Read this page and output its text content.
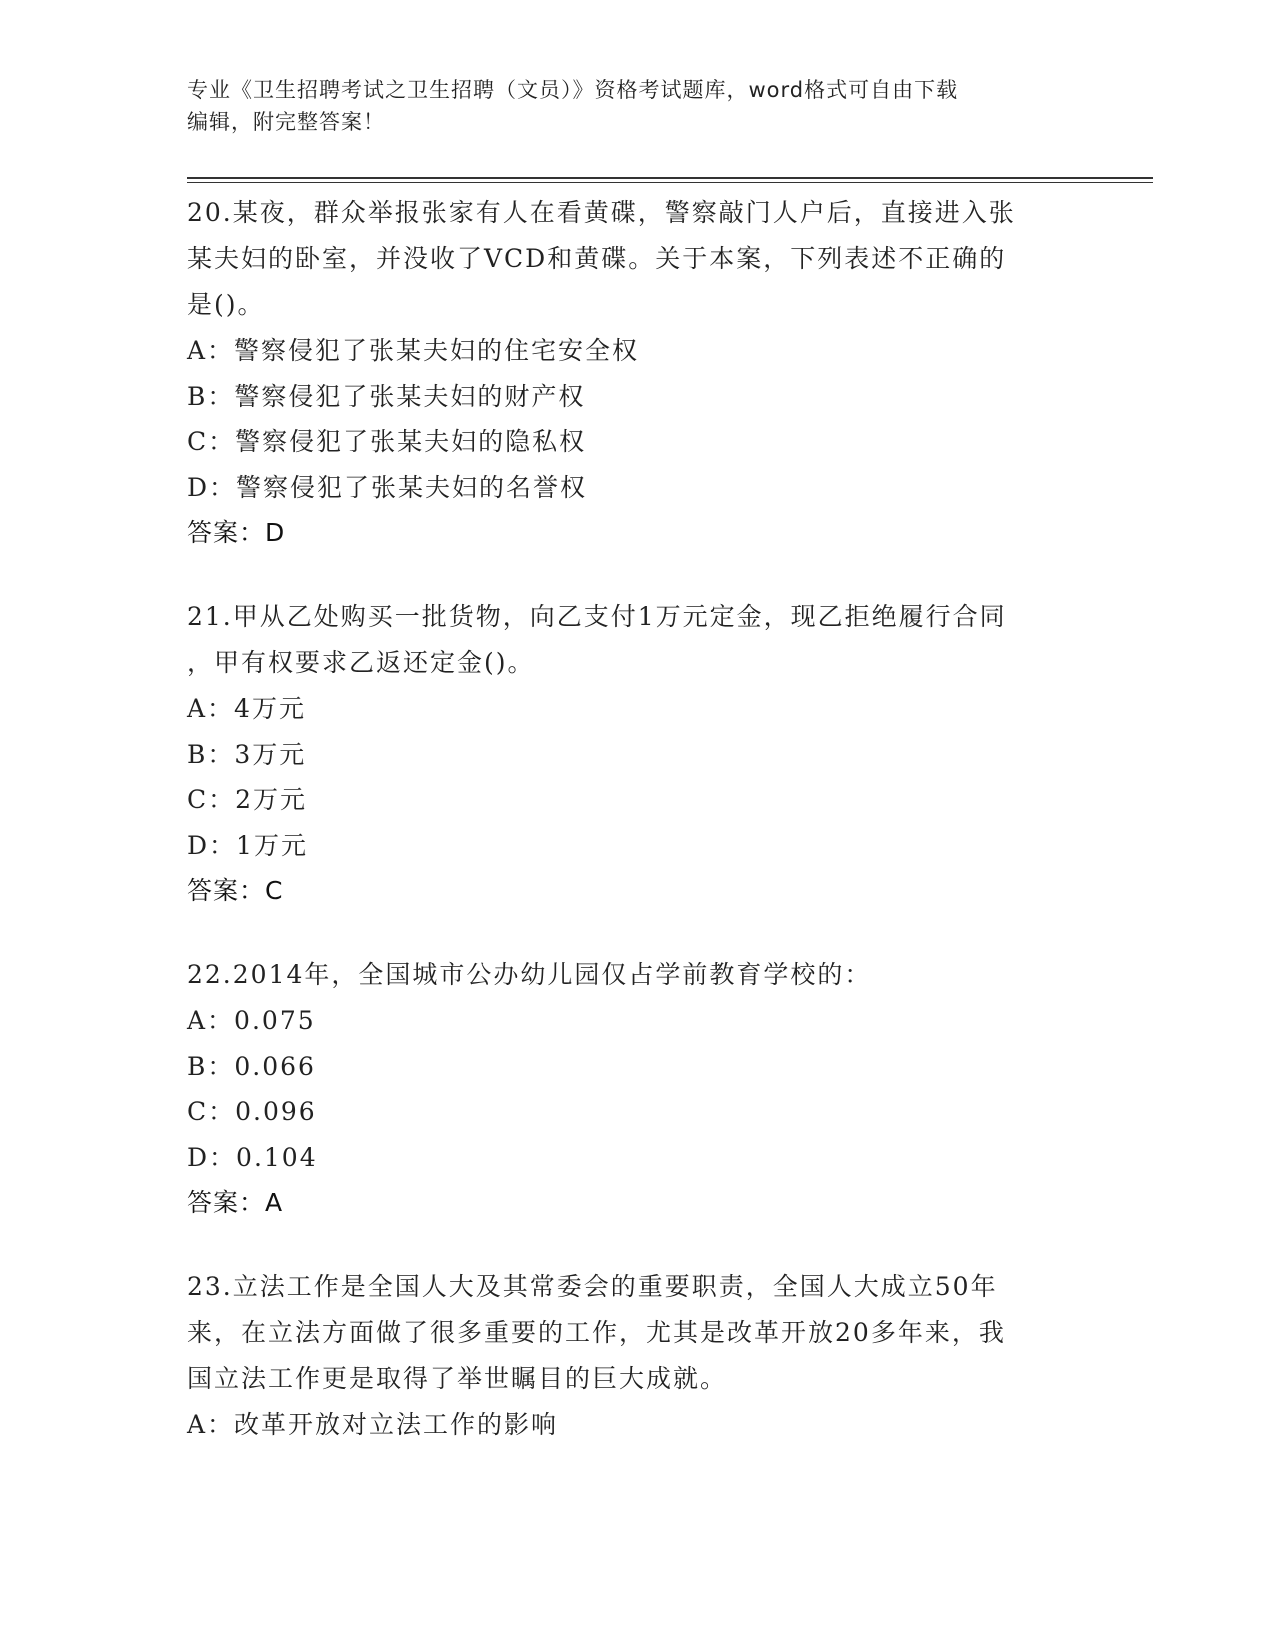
专业《卫生招聘考试之卫生招聘（文员）》资格考试题库，word格式可自由下载
编辑，附完整答案！
20.某夜，群众举报张家有人在看黄碟，警察敲门人户后，直接进入张
某夫妇的卧室，并没收了VCD和黄碟。关于本案，下列表述不正确的
是()。
A：警察侵犯了张某夫妇的住宅安全权
B：警察侵犯了张某夫妇的财产权
C：警察侵犯了张某夫妇的隐私权
D：警察侵犯了张某夫妇的名誉权
答案：D
21.甲从乙处购买一批货物，向乙支付1万元定金，现乙拒绝履行合同
，甲有权要求乙返还定金()。
A：4万元
B：3万元
C：2万元
D：1万元
答案：C
22.2014年，全国城市公办幼儿园仅占学前教育学校的：
A：0.075
B：0.066
C：0.096
D：0.104
答案：A
23.立法工作是全国人大及其常委会的重要职责，全国人大成立50年
来，在立法方面做了很多重要的工作，尤其是改革开放20多年来，我
国立法工作更是取得了举世瞩目的巨大成就。
A：改革开放对立法工作的影响
